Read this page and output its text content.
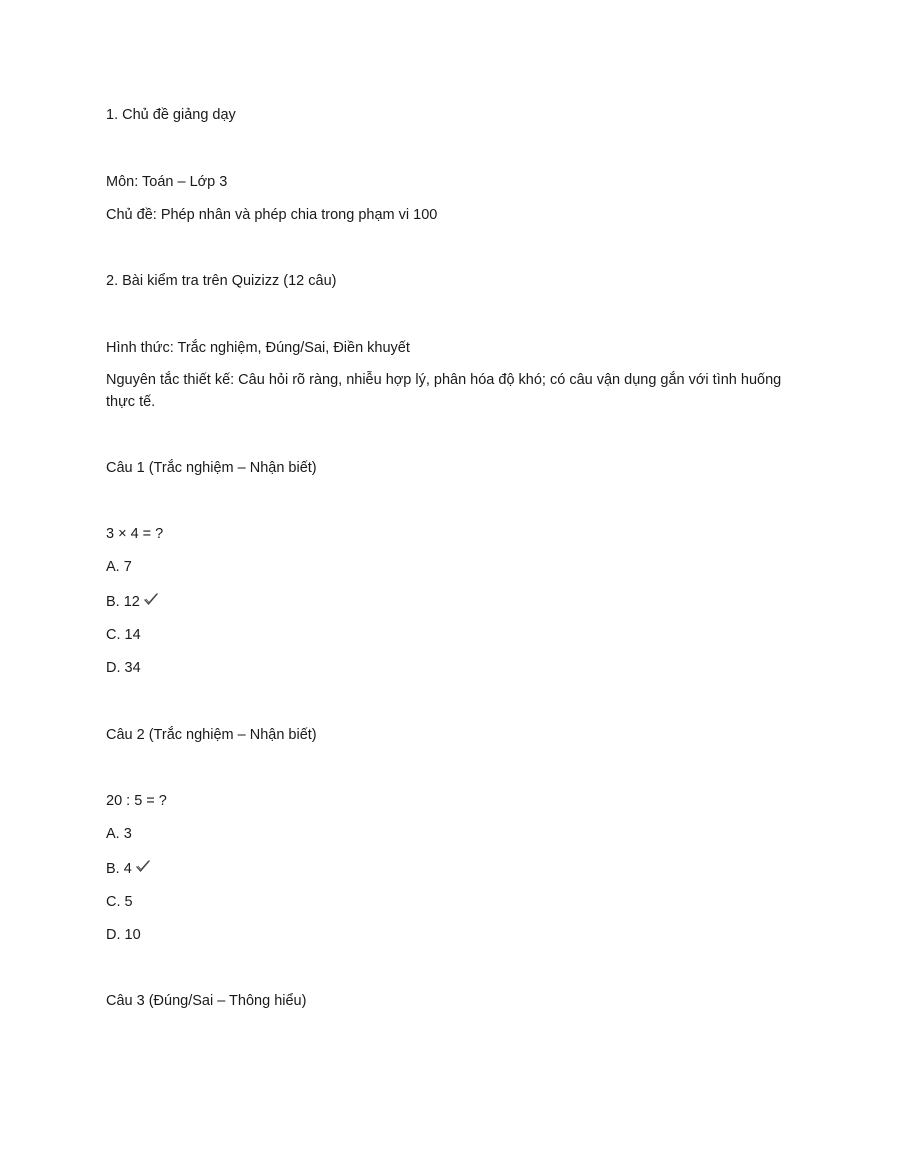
1. Chủ đề giảng dạy
Môn: Toán – Lớp 3
Chủ đề: Phép nhân và phép chia trong phạm vi 100
2. Bài kiểm tra trên Quizizz (12 câu)
Hình thức: Trắc nghiệm, Đúng/Sai, Điền khuyết
Nguyên tắc thiết kế: Câu hỏi rõ ràng, nhiễu hợp lý, phân hóa độ khó; có câu vận dụng gắn với tình huống thực tế.
Câu 1 (Trắc nghiệm – Nhận biết)
3 × 4 = ?
A. 7
B. 12
C. 14
D. 34
Câu 2 (Trắc nghiệm – Nhận biết)
20 : 5 = ?
A. 3
B. 4
C. 5
D. 10
Câu 3 (Đúng/Sai – Thông hiểu)
